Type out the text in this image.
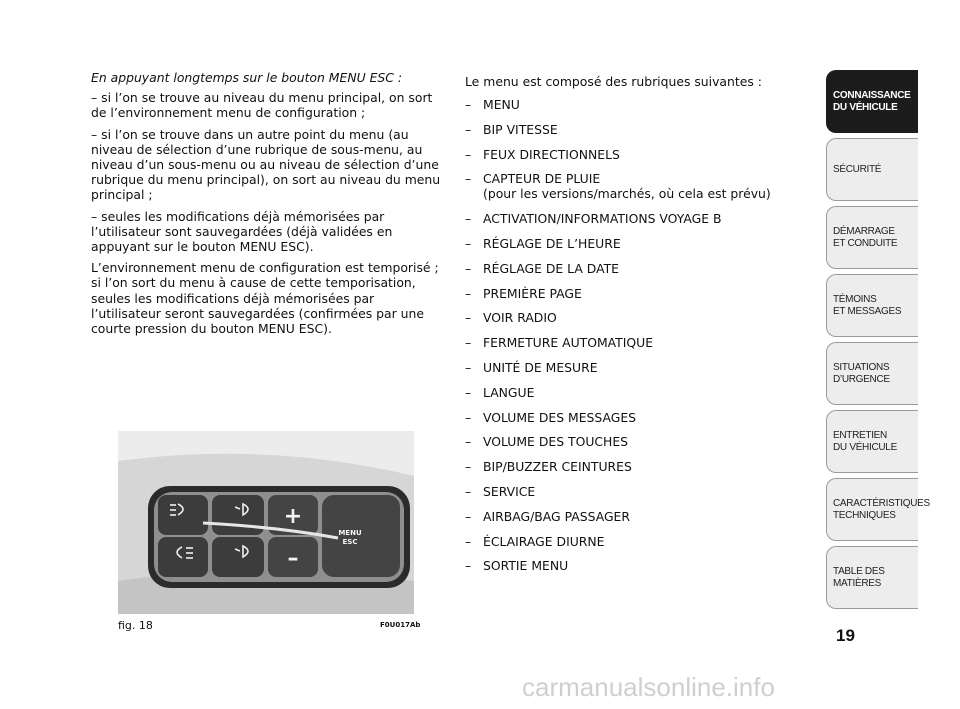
En appuyant longtemps sur le bouton MENU ESC :

– si l’on se trouve au niveau du menu principal, on sort de l’environnement menu de configuration ;

– si l’on se trouve dans un autre point du menu (au niveau de sélection d’une rubrique de sous-menu, au niveau d’un sous-menu ou au niveau de sélection d’une rubrique du menu principal), on sort au niveau du menu principal ;

– seules les modifications déjà mémorisées par l’utilisateur sont sauvegardées (déjà validées en appuyant sur le bouton MENU ESC).

L’environnement menu de configuration est temporisé ; si l’on sort du menu à cause de cette temporisation, seules les modifications déjà mémorisées par l’utilisateur seront sauvegardées (confirmées par une courte pression du bouton MENU ESC).

Le menu est composé des rubriques suivantes :

– MENU
– BIP VITESSE
– FEUX DIRECTIONNELS
– CAPTEUR DE PLUIE
(pour les versions/marchés, où cela est prévu)
– ACTIVATION/INFORMATIONS VOYAGE B
– RÉGLAGE DE L’HEURE
– RÉGLAGE DE LA DATE
– PREMIÈRE PAGE
– VOIR RADIO
– FERMETURE AUTOMATIQUE
– UNITÉ DE MESURE
– LANGUE
– VOLUME DES MESSAGES
– VOLUME DES TOUCHES
– BIP/BUZZER CEINTURES
– SERVICE
– AIRBAG/BAG PASSAGER
– ÉCLAIRAGE DIURNE
– SORTIE MENU
+
–
MENU
ESC
fig. 18	F0U017Ab
CONNAISSANCE
DU VÉHICULE
SÉCURITÉ
DÉMARRAGE
ET CONDUITE
TÉMOINS
ET MESSAGES
SITUATIONS
D’URGENCE
ENTRETIEN
DU VÉHICULE
CARACTÉRISTIQUES
TECHNIQUES
TABLE DES
MATIÈRES
19
carmanualsonline.info
